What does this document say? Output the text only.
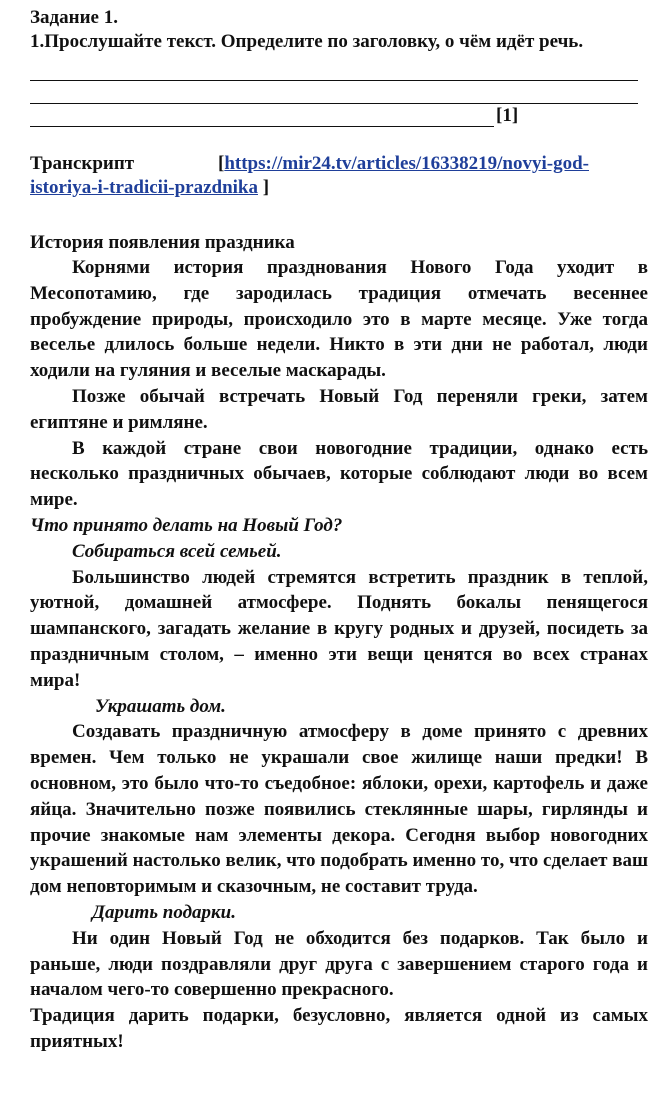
Задание 1.

1.Прослушайте текст. Определите по заголовку, о чём идёт речь.

[1]
Транскрипт	[https://mir24.tv/articles/16338219/novyi-god-istoriya-i-tradicii-prazdnika ]
История появления праздника

Корнями история празднования Нового Года уходит в Месопотамию, где зародилась традиция отмечать весеннее пробуждение природы, происходило это в марте месяце. Уже тогда веселье длилось больше недели. Никто в эти дни не работал, люди ходили на гуляния и веселые маскарады.

Позже обычай встречать Новый Год переняли греки, затем египтяне и римляне.

В каждой стране свои новогодние традиции, однако есть несколько праздничных обычаев, которые соблюдают люди во всем мире.

Что принято делать на Новый Год?
Собираться всей семьей.

Большинство людей стремятся встретить праздник в теплой, уютной, домашней атмосфере. Поднять бокалы пенящегося шампанского, загадать желание в кругу родных и друзей, посидеть за праздничным столом, – именно эти вещи ценятся во всех странах мира!

Украшать дом.

Создавать праздничную атмосферу в доме принято с древних времен. Чем только не украшали свое жилище наши предки! В основном, это было что-то съедобное: яблоки, орехи, картофель и даже яйца. Значительно позже появились стеклянные шары, гирлянды и прочие знакомые нам элементы декора. Сегодня выбор новогодних украшений настолько велик, что подобрать именно то, что сделает ваш дом неповторимым и сказочным, не составит труда.

Дарить подарки.

Ни один Новый Год не обходится без подарков. Так было и раньше, люди поздравляли друг друга с завершением старого года и началом чего-то совершенно прекрасного.

Традиция дарить подарки, безусловно, является одной из самых приятных!
